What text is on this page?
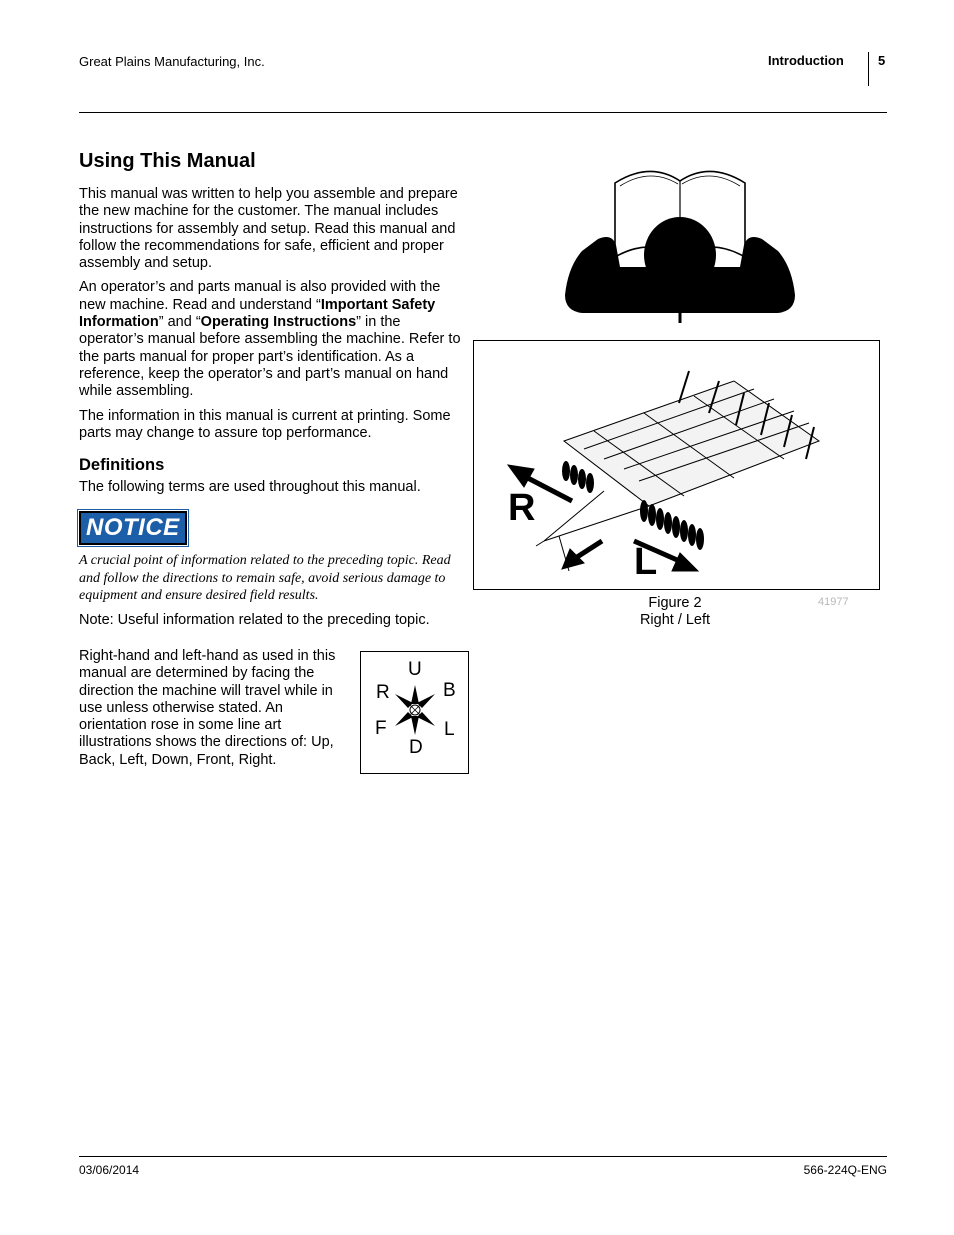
Great Plains Manufacturing, Inc.	Introduction	5
Using This Manual

This manual was written to help you assemble and prepare the new machine for the customer. The manual includes instructions for assembly and setup. Read this manual and follow the recommendations for safe, efficient and proper assembly and setup.

An operator’s and parts manual is also provided with the new machine. Read and understand “Important Safety Information” and “Operating Instructions” in the operator’s manual before assembling the machine. Refer to the parts manual for proper part’s identification. As a reference, keep the operator’s and part’s manual on hand while assembling.

The information in this manual is current at printing. Some parts may change to assure top performance.

Definitions

The following terms are used throughout this manual.

NOTICE

A crucial point of information related to the preceding topic. Read and follow the directions to remain safe, avoid serious damage to equipment and ensure desired field results.

Note: Useful information related to the preceding topic.

Right-hand and left-hand as used in this manual are determined by facing the direction the machine will travel while in use unless otherwise stated. An orientation rose in some line art illustrations shows the directions of: Up, Back, Left, Down, Front, Right.

U
R	B
F	L
D
R
L
Figure 2
Right / Left
41977
03/06/2014	566-224Q-ENG
